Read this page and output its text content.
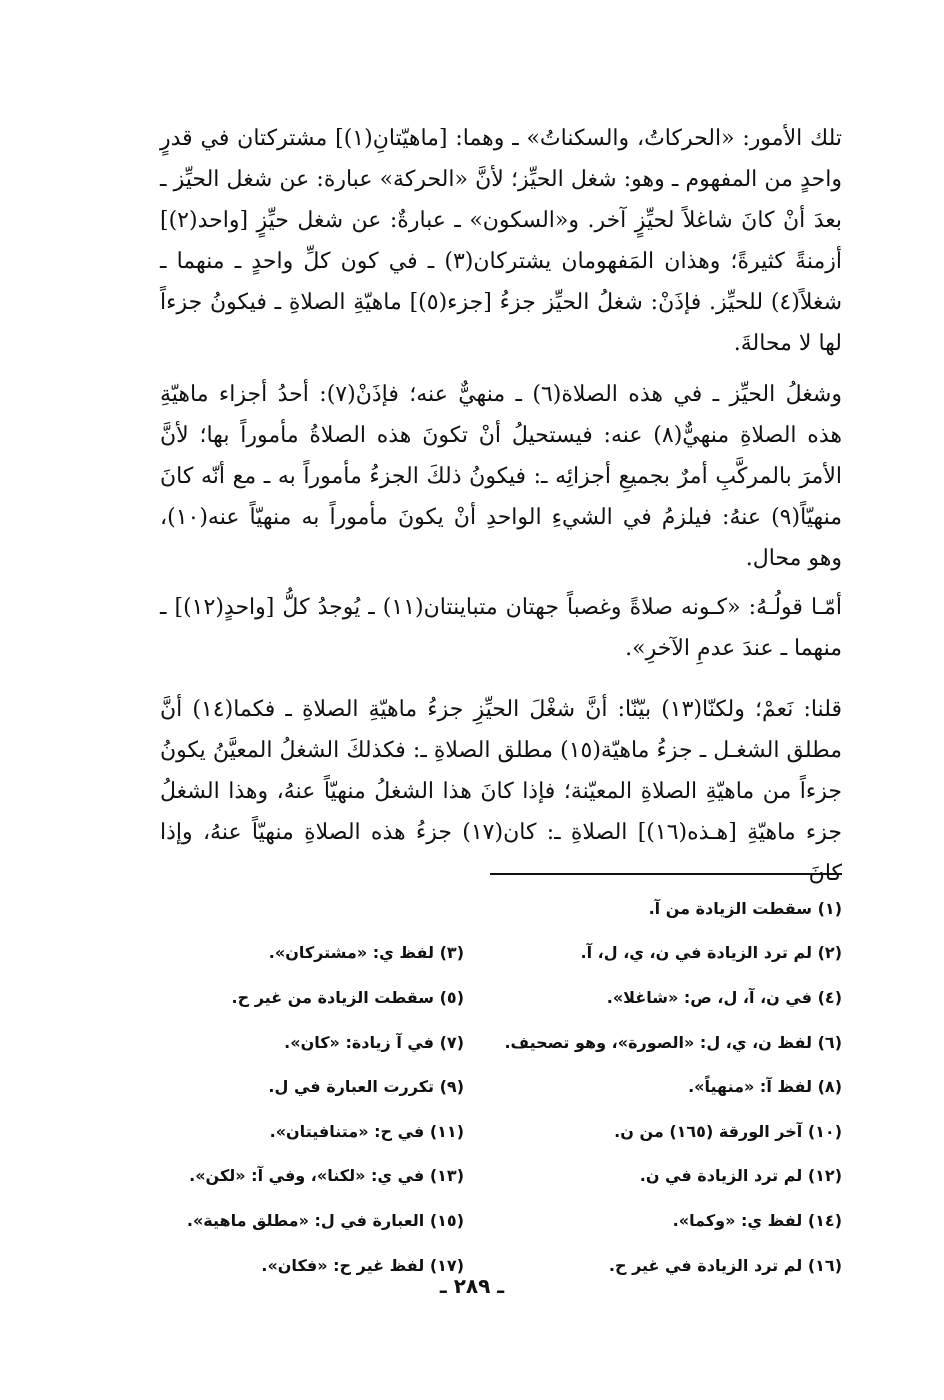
تلك الأمور: «الحركاتُ، والسكناتُ» ـ وهما: [ماهيّتانِ(١)] مشتركتان في قدرٍ واحدٍ من المفهوم ـ وهو: شغل الحيِّز؛ لأنَّ «الحركة» عبارة: عن شغل الحيِّز ـ بعدَ أنْ كانَ شاغلاً لحيِّزٍ آخر. و«السكون» ـ عبارةٌ: عن شغل حيِّزٍ [واحد(٢)] أزمنةً كثيرةً؛ وهذان المَفهومان يشتركان(٣) ـ في كون كلِّ واحدٍ ـ منهما ـ شغلاً(٤) للحيِّز. فإذَنْ: شغلُ الحيِّز جزءُ [جزء(٥)] ماهيّةِ الصلاةِ ـ فيكونُ جزءاً لها لا محالةَ.

وشغلُ الحيِّز ـ في هذه الصلاة(٦) ـ منهيٌّ عنه؛ فإذَنْ(٧): أحدُ أجزاء ماهيّةِ هذه الصلاةِ منهيٌّ(٨) عنه: فيستحيلُ أنْ تكونَ هذه الصلاةُ مأموراً بها؛ لأنَّ الأمرَ بالمركَّبِ أمرٌ بجميعِ أجزائِه ـ: فيكونُ ذلكَ الجزءُ مأموراً به ـ مع أنّه كانَ منهيّاً(٩) عنهُ: فيلزمُ في الشيءِ الواحدِ أنْ يكونَ مأموراً به منهيّاً عنه(١٠)، وهو محال.

أمّـا قولُـهُ: «كـونه صلاةً وغصباً جهتان متباينتان(١١) ـ يُوجدُ كلُّ [واحدٍ(١٢)] ـ منهما ـ عندَ عدمِ الآخرِ».

قلنا: نَعمْ؛ ولكنّا(١٣) بيّنّا: أنَّ شغْلَ الحيِّزِ جزءُ ماهيّةِ الصلاةِ ـ فكما(١٤) أنَّ مطلق الشغـل ـ جزءُ ماهيّة(١٥) مطلق الصلاةِ ـ: فكذلكَ الشغلُ المعيَّنُ يكونُ جزءاً من ماهيّةِ الصلاةِ المعيّنة؛ فإذا كانَ هذا الشغلُ منهيّاً عنهُ، وهذا الشغلُ جزء ماهيّةِ [هـذه(١٦)] الصلاةِ ـ: كان(١٧) جزءُ هذه الصلاةِ منهيّاً عنهُ، وإذا كانَ

(١) سقطت الزيادة من آ.
(٢) لم ترد الزيادة في ن، ي، ل، آ.
(٣) لفظ ي: «مشتركان».
(٤) في ن، آ، ل، ص: «شاغلا».
(٥) سقطت الزيادة من غير ح.
(٦) لفظ ن، ي، ل: «الصورة»، وهو تصحيف.
(٧) في آ زيادة: «كان».
(٨) لفظ آ: «منهياً».
(٩) تكررت العبارة في ل.
(١٠) آخر الورقة (١٦٥) من ن.
(١١) في ح: «متنافيتان».
(١٢) لم ترد الزيادة في ن.
(١٣) في ي: «لكنا»، وفي آ: «لكن».
(١٤) لفظ ي: «وكما».
(١٥) العبارة في ل: «مطلق ماهية».
(١٦) لم ترد الزيادة في غير ح.
(١٧) لفظ غير ح: «فكان».
ـ ٢٨٩ ـ
